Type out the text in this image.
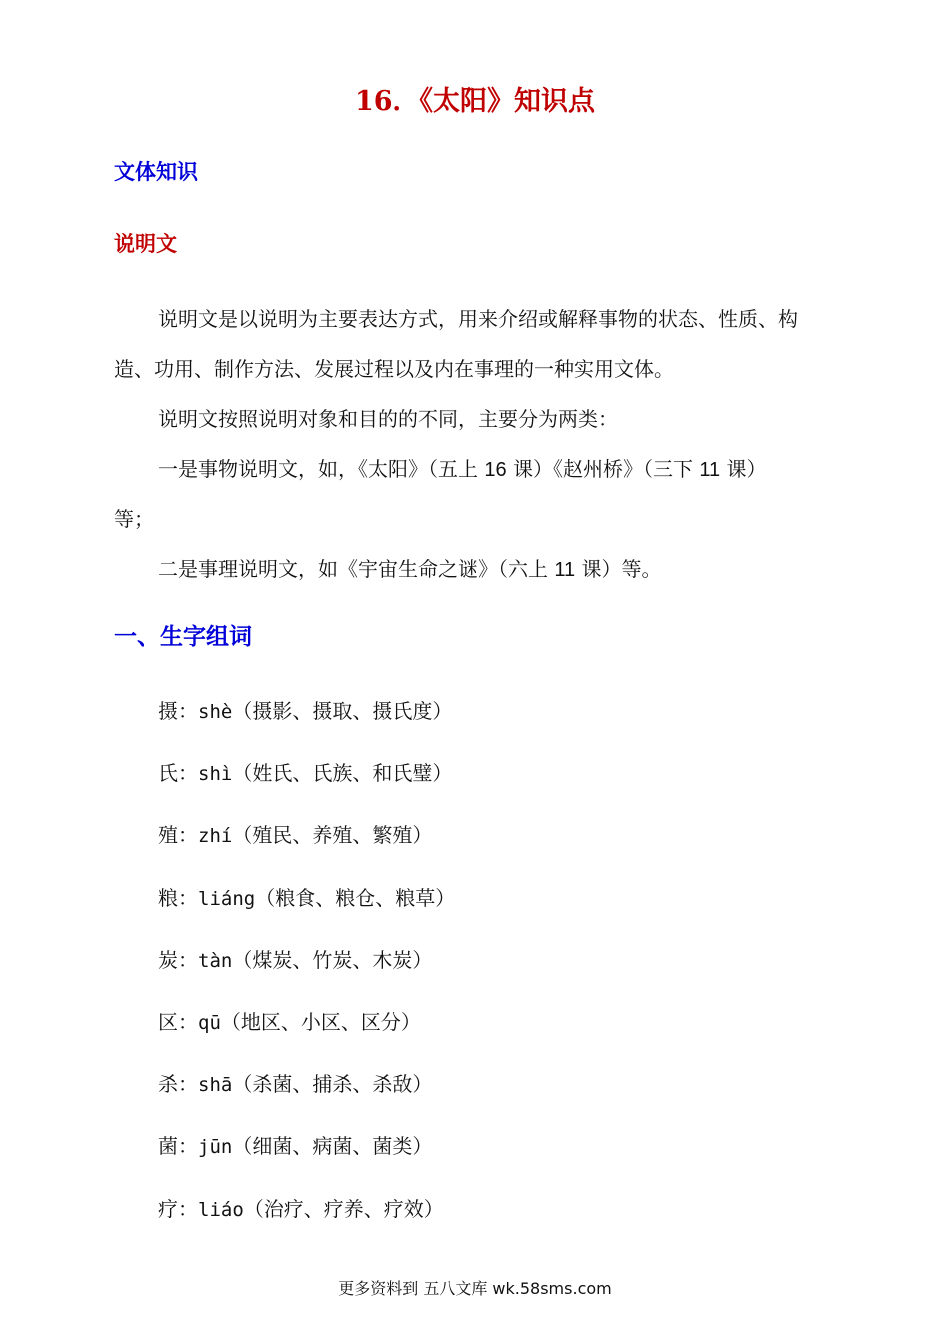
16．《太阳》知识点
文体知识
说明文
说明文是以说明为主要表达方式，用来介绍或解释事物的状态、性质、构
造、功用、制作方法、发展过程以及内在事理的一种实用文体。
说明文按照说明对象和目的的不同，主要分为两类：
一是事物说明文，如，《太阳》（五上 16 课）《赵州桥》（三下 11 课）
等；
二是事理说明文，如《宇宙生命之谜》（六上 11 课）等。
一、生字组词
摄：shè（摄影、摄取、摄氏度）
氏：shì（姓氏、氏族、和氏璧）
殖：zhí（殖民、养殖、繁殖）
粮：liáng（粮食、粮仓、粮草）
炭：tàn（煤炭、竹炭、木炭）
区：qū（地区、小区、区分）
杀：shā（杀菌、捕杀、杀敌）
菌：jūn（细菌、病菌、菌类）
疗：liáo（治疗、疗养、疗效）
更多资料到 五八文库 wk.58sms.com
